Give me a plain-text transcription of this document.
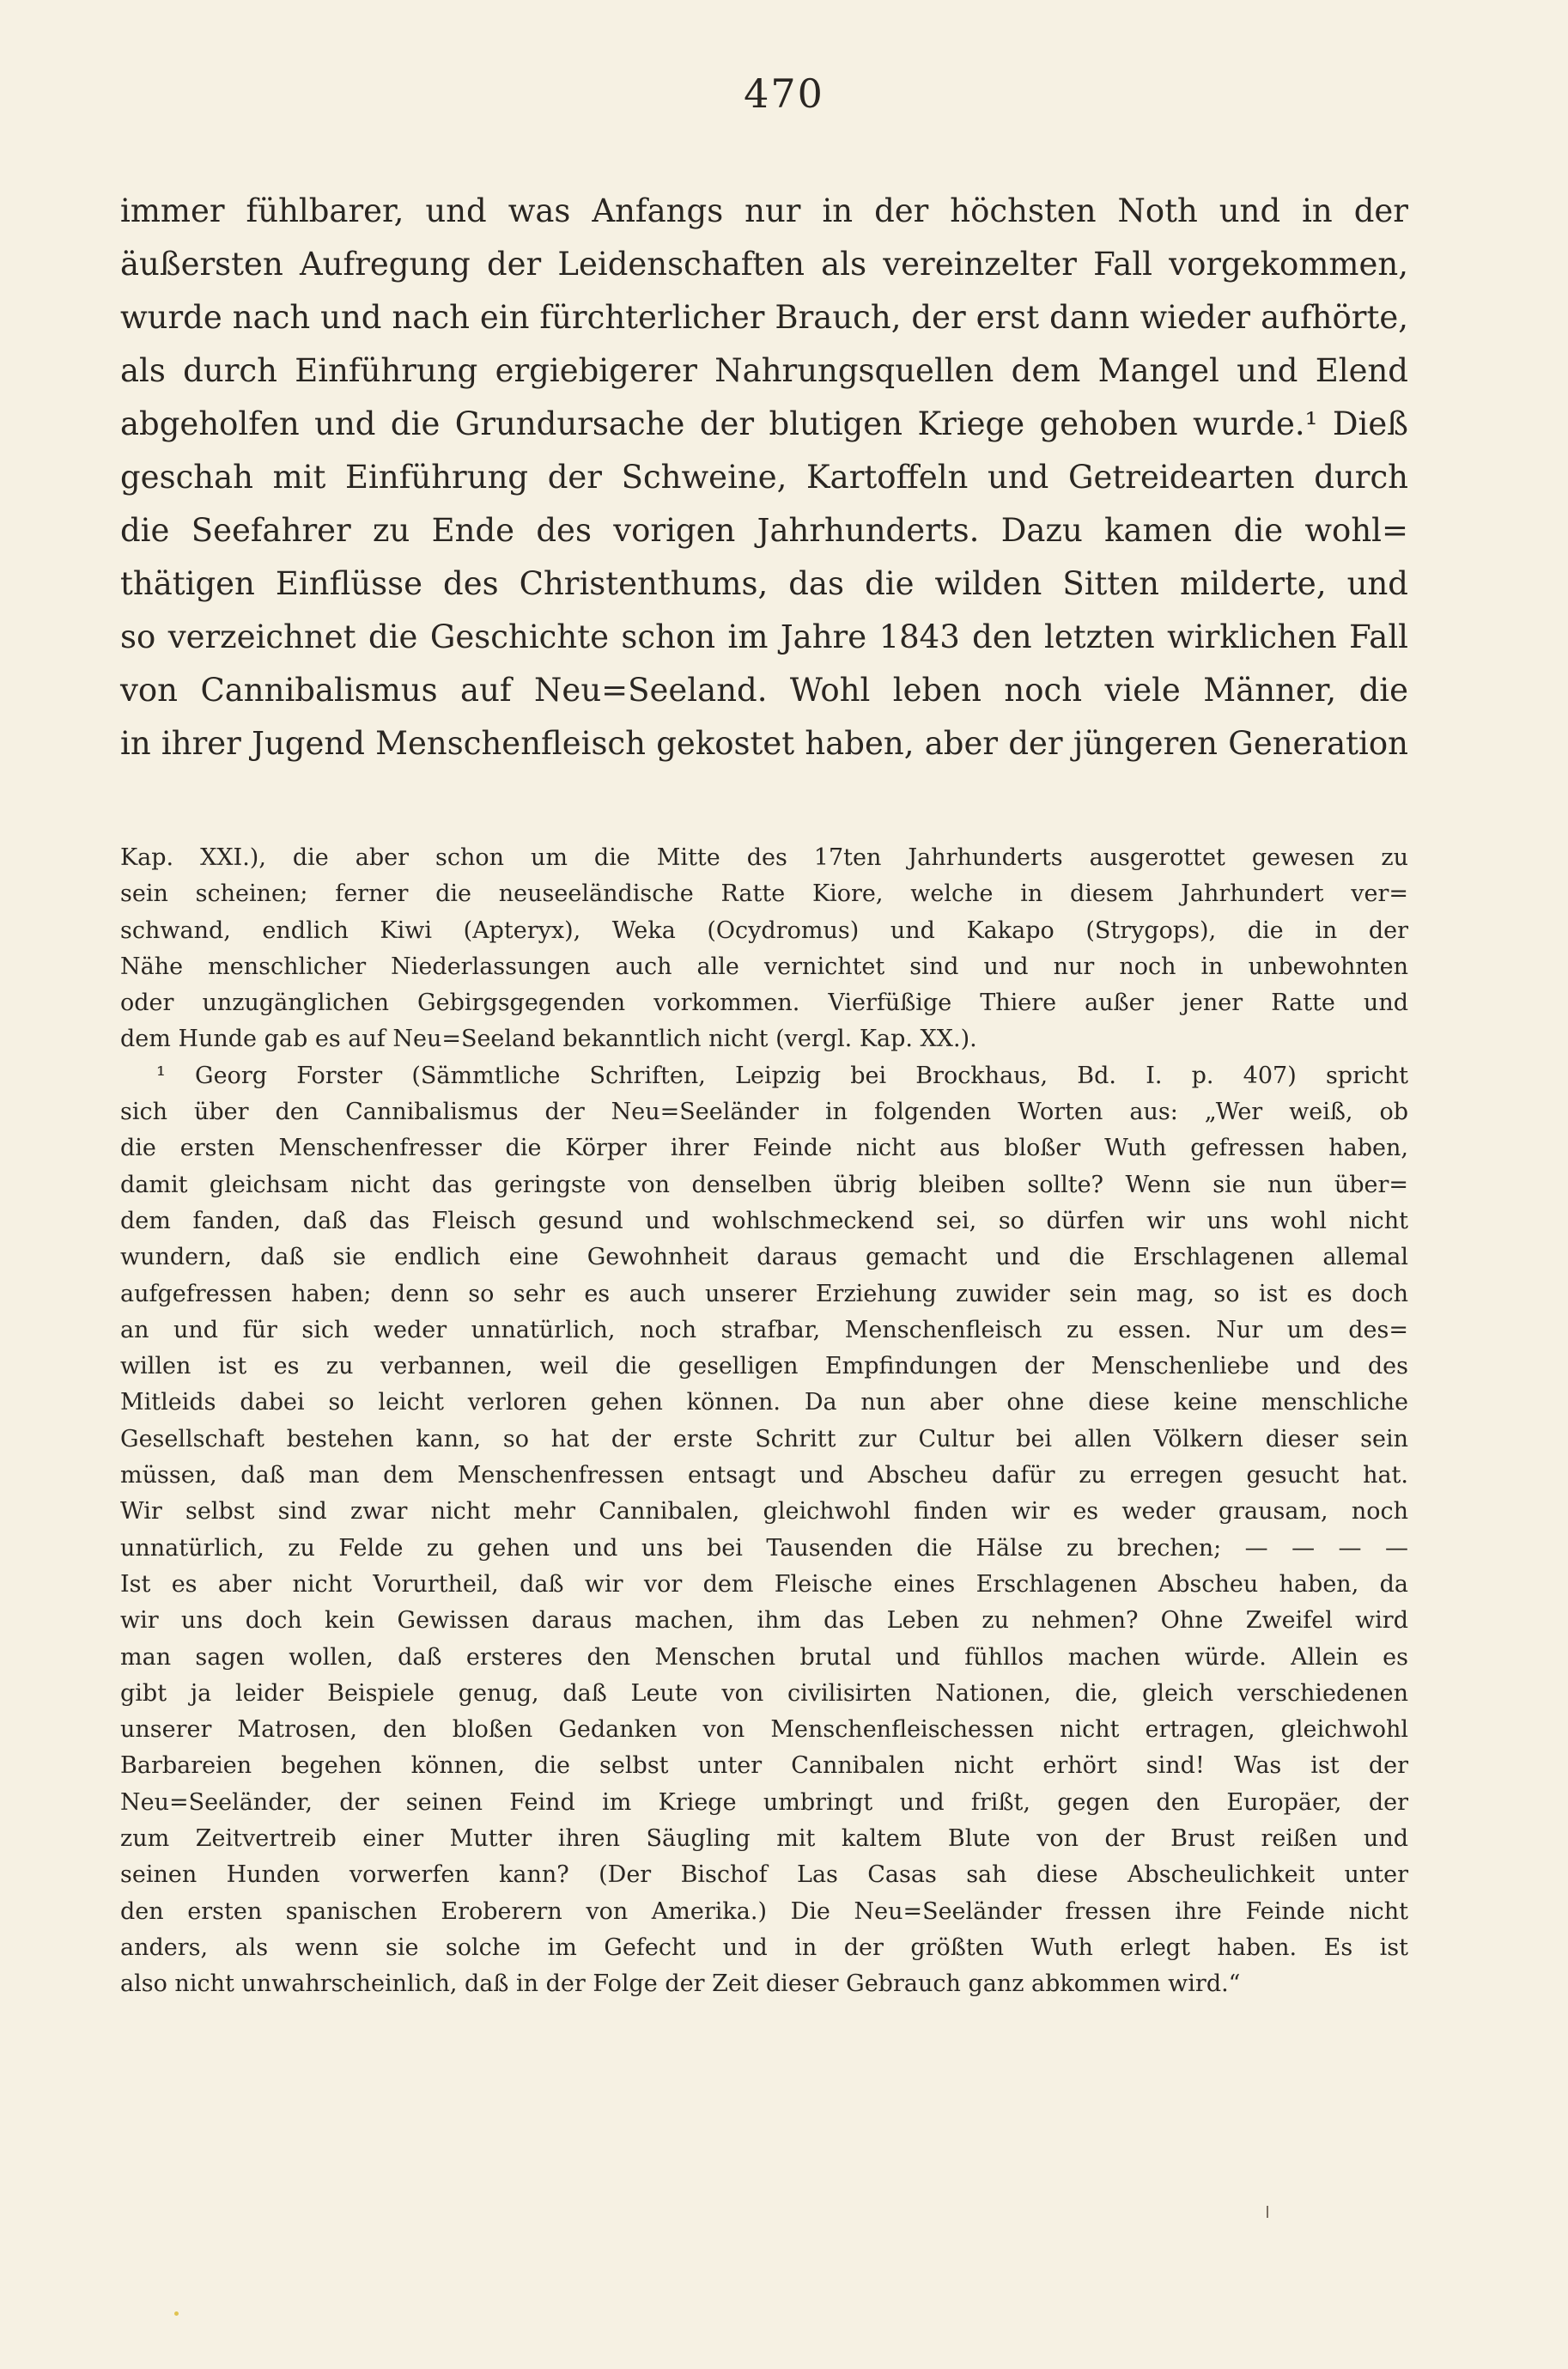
470
immer fühlbarer, und was Anfangs nur in der höchsten Noth und in der
äußersten Aufregung der Leidenschaften als vereinzelter Fall vorgekommen,
wurde nach und nach ein fürchterlicher Brauch, der erst dann wieder aufhörte,
als durch Einführung ergiebigerer Nahrungsquellen dem Mangel und Elend
abgeholfen und die Grundursache der blutigen Kriege gehoben wurde.¹ Dieß
geschah mit Einführung der Schweine, Kartoffeln und Getreidearten durch
die Seefahrer zu Ende des vorigen Jahrhunderts. Dazu kamen die wohl=
thätigen Einflüsse des Christenthums, das die wilden Sitten milderte, und
so verzeichnet die Geschichte schon im Jahre 1843 den letzten wirklichen Fall
von Cannibalismus auf Neu=Seeland. Wohl leben noch viele Männer, die
in ihrer Jugend Menschenfleisch gekostet haben, aber der jüngeren Generation
Kap. XXI.), die aber schon um die Mitte des 17ten Jahrhunderts ausgerottet gewesen zu
sein scheinen; ferner die neuseeländische Ratte Kiore, welche in diesem Jahrhundert ver=
schwand, endlich Kiwi (Apteryx), Weka (Ocydromus) und Kakapo (Strygops), die in der
Nähe menschlicher Niederlassungen auch alle vernichtet sind und nur noch in unbewohnten
oder unzugänglichen Gebirgsgegenden vorkommen. Vierfüßige Thiere außer jener Ratte und
dem Hunde gab es auf Neu=Seeland bekanntlich nicht (vergl. Kap. XX.).
¹ Georg Forster (Sämmtliche Schriften, Leipzig bei Brockhaus, Bd. I. p. 407) spricht
sich über den Cannibalismus der Neu=Seeländer in folgenden Worten aus: „Wer weiß, ob
die ersten Menschenfresser die Körper ihrer Feinde nicht aus bloßer Wuth gefressen haben,
damit gleichsam nicht das geringste von denselben übrig bleiben sollte? Wenn sie nun über=
dem fanden, daß das Fleisch gesund und wohlschmeckend sei, so dürfen wir uns wohl nicht
wundern, daß sie endlich eine Gewohnheit daraus gemacht und die Erschlagenen allemal
aufgefressen haben; denn so sehr es auch unserer Erziehung zuwider sein mag, so ist es doch
an und für sich weder unnatürlich, noch strafbar, Menschenfleisch zu essen. Nur um des=
willen ist es zu verbannen, weil die geselligen Empfindungen der Menschenliebe und des
Mitleids dabei so leicht verloren gehen können. Da nun aber ohne diese keine menschliche
Gesellschaft bestehen kann, so hat der erste Schritt zur Cultur bei allen Völkern dieser sein
müssen, daß man dem Menschenfressen entsagt und Abscheu dafür zu erregen gesucht hat.
Wir selbst sind zwar nicht mehr Cannibalen, gleichwohl finden wir es weder grausam, noch
unnatürlich, zu Felde zu gehen und uns bei Tausenden die Hälse zu brechen; — — — —
Ist es aber nicht Vorurtheil, daß wir vor dem Fleische eines Erschlagenen Abscheu haben, da
wir uns doch kein Gewissen daraus machen, ihm das Leben zu nehmen? Ohne Zweifel wird
man sagen wollen, daß ersteres den Menschen brutal und fühllos machen würde. Allein es
gibt ja leider Beispiele genug, daß Leute von civilisirten Nationen, die, gleich verschiedenen
unserer Matrosen, den bloßen Gedanken von Menschenfleischessen nicht ertragen, gleichwohl
Barbareien begehen können, die selbst unter Cannibalen nicht erhört sind! Was ist der
Neu=Seeländer, der seinen Feind im Kriege umbringt und frißt, gegen den Europäer, der
zum Zeitvertreib einer Mutter ihren Säugling mit kaltem Blute von der Brust reißen und
seinen Hunden vorwerfen kann? (Der Bischof Las Casas sah diese Abscheulichkeit unter
den ersten spanischen Eroberern von Amerika.) Die Neu=Seeländer fressen ihre Feinde nicht
anders, als wenn sie solche im Gefecht und in der größten Wuth erlegt haben. Es ist
also nicht unwahrscheinlich, daß in der Folge der Zeit dieser Gebrauch ganz abkommen wird.“
